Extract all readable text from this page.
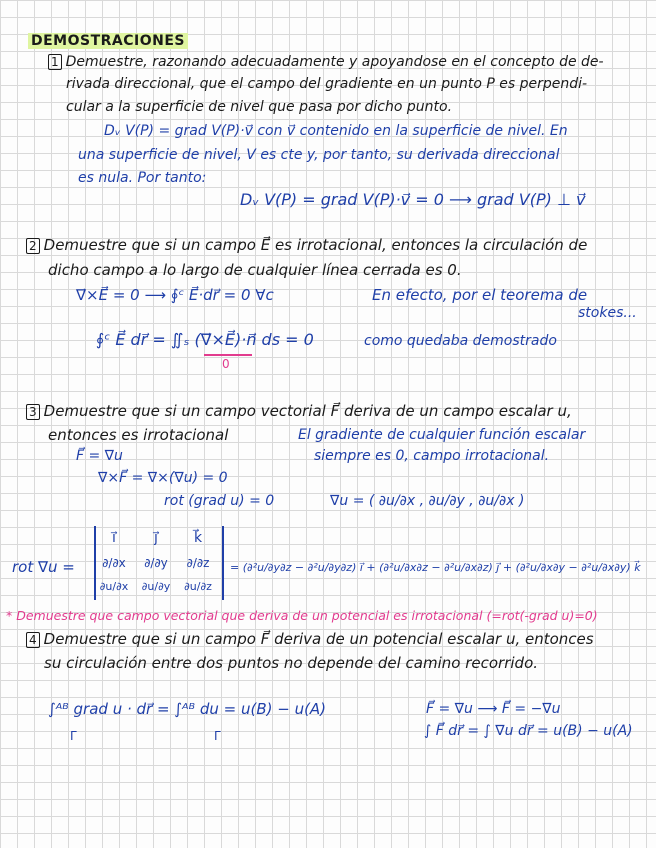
DEMOSTRACIONES
1 Demuestre, razonando adecuadamente y apoyandose en el concepto de de-
rivada direccional, que el campo del gradiente en un punto P es perpendi-
cular a la superficie de nivel que pasa por dicho punto.
Dᵥ V(P) = grad V(P)·v⃗ con v⃗ contenido en la superficie de nivel. En
una superficie de nivel, V es cte y, por tanto, su derivada direccional
es nula. Por tanto:
Dᵥ V(P) = grad V(P)·v⃗ = 0 ⟶ grad V(P) ⊥ v⃗
2 Demuestre que si un campo E⃗ es irrotacional, entonces la circulación de
dicho campo a lo largo de cualquier línea cerrada es 0.
∇⃗×E⃗ = 0 ⟶ ∮ᶜ E⃗·dr⃗ = 0 ∀c	En efecto, por el teorema de
stokes...
∮ᶜ E⃗ dr⃗ = ∬ₛ (∇⃗×E⃗)·n⃗ ds = 0
0
como quedaba demostrado
3 Demuestre que si un campo vectorial F⃗ deriva de un campo escalar u,
entonces es irrotacional	El gradiente de cualquier función escalar
siempre es 0, campo irrotacional.
F⃗ = ∇u
∇×F⃗ = ∇×(∇u) = 0
rot (grad u) = 0	∇u = ( ∂u/∂x , ∂u/∂y , ∂u/∂x )
rot ∇u =
i⃗	j⃗	k⃗
∂/∂x	∂/∂y	∂/∂z
∂u/∂x	∂u/∂y	∂u/∂z
= (∂²u/∂y∂z − ∂²u/∂y∂z) i⃗ + (∂²u/∂x∂z − ∂²u/∂x∂z) j⃗ + (∂²u/∂x∂y − ∂²u/∂x∂y) k⃗
* Demuestre que campo vectorial que deriva de un potencial es irrotacional (=rot(-grad u)=0)
4 Demuestre que si un campo F⃗ deriva de un potencial escalar u, entonces
su circulación entre dos puntos no depende del camino recorrido.
∫ᴬᴮ grad u · dr⃗ = ∫ᴬᴮ du = u(B) − u(A)
Γ	Γ
F⃗ = ∇u ⟶ F⃗ = −∇u
∫ F⃗ dr⃗ = ∫ ∇u dr⃗ = u(B) − u(A)
